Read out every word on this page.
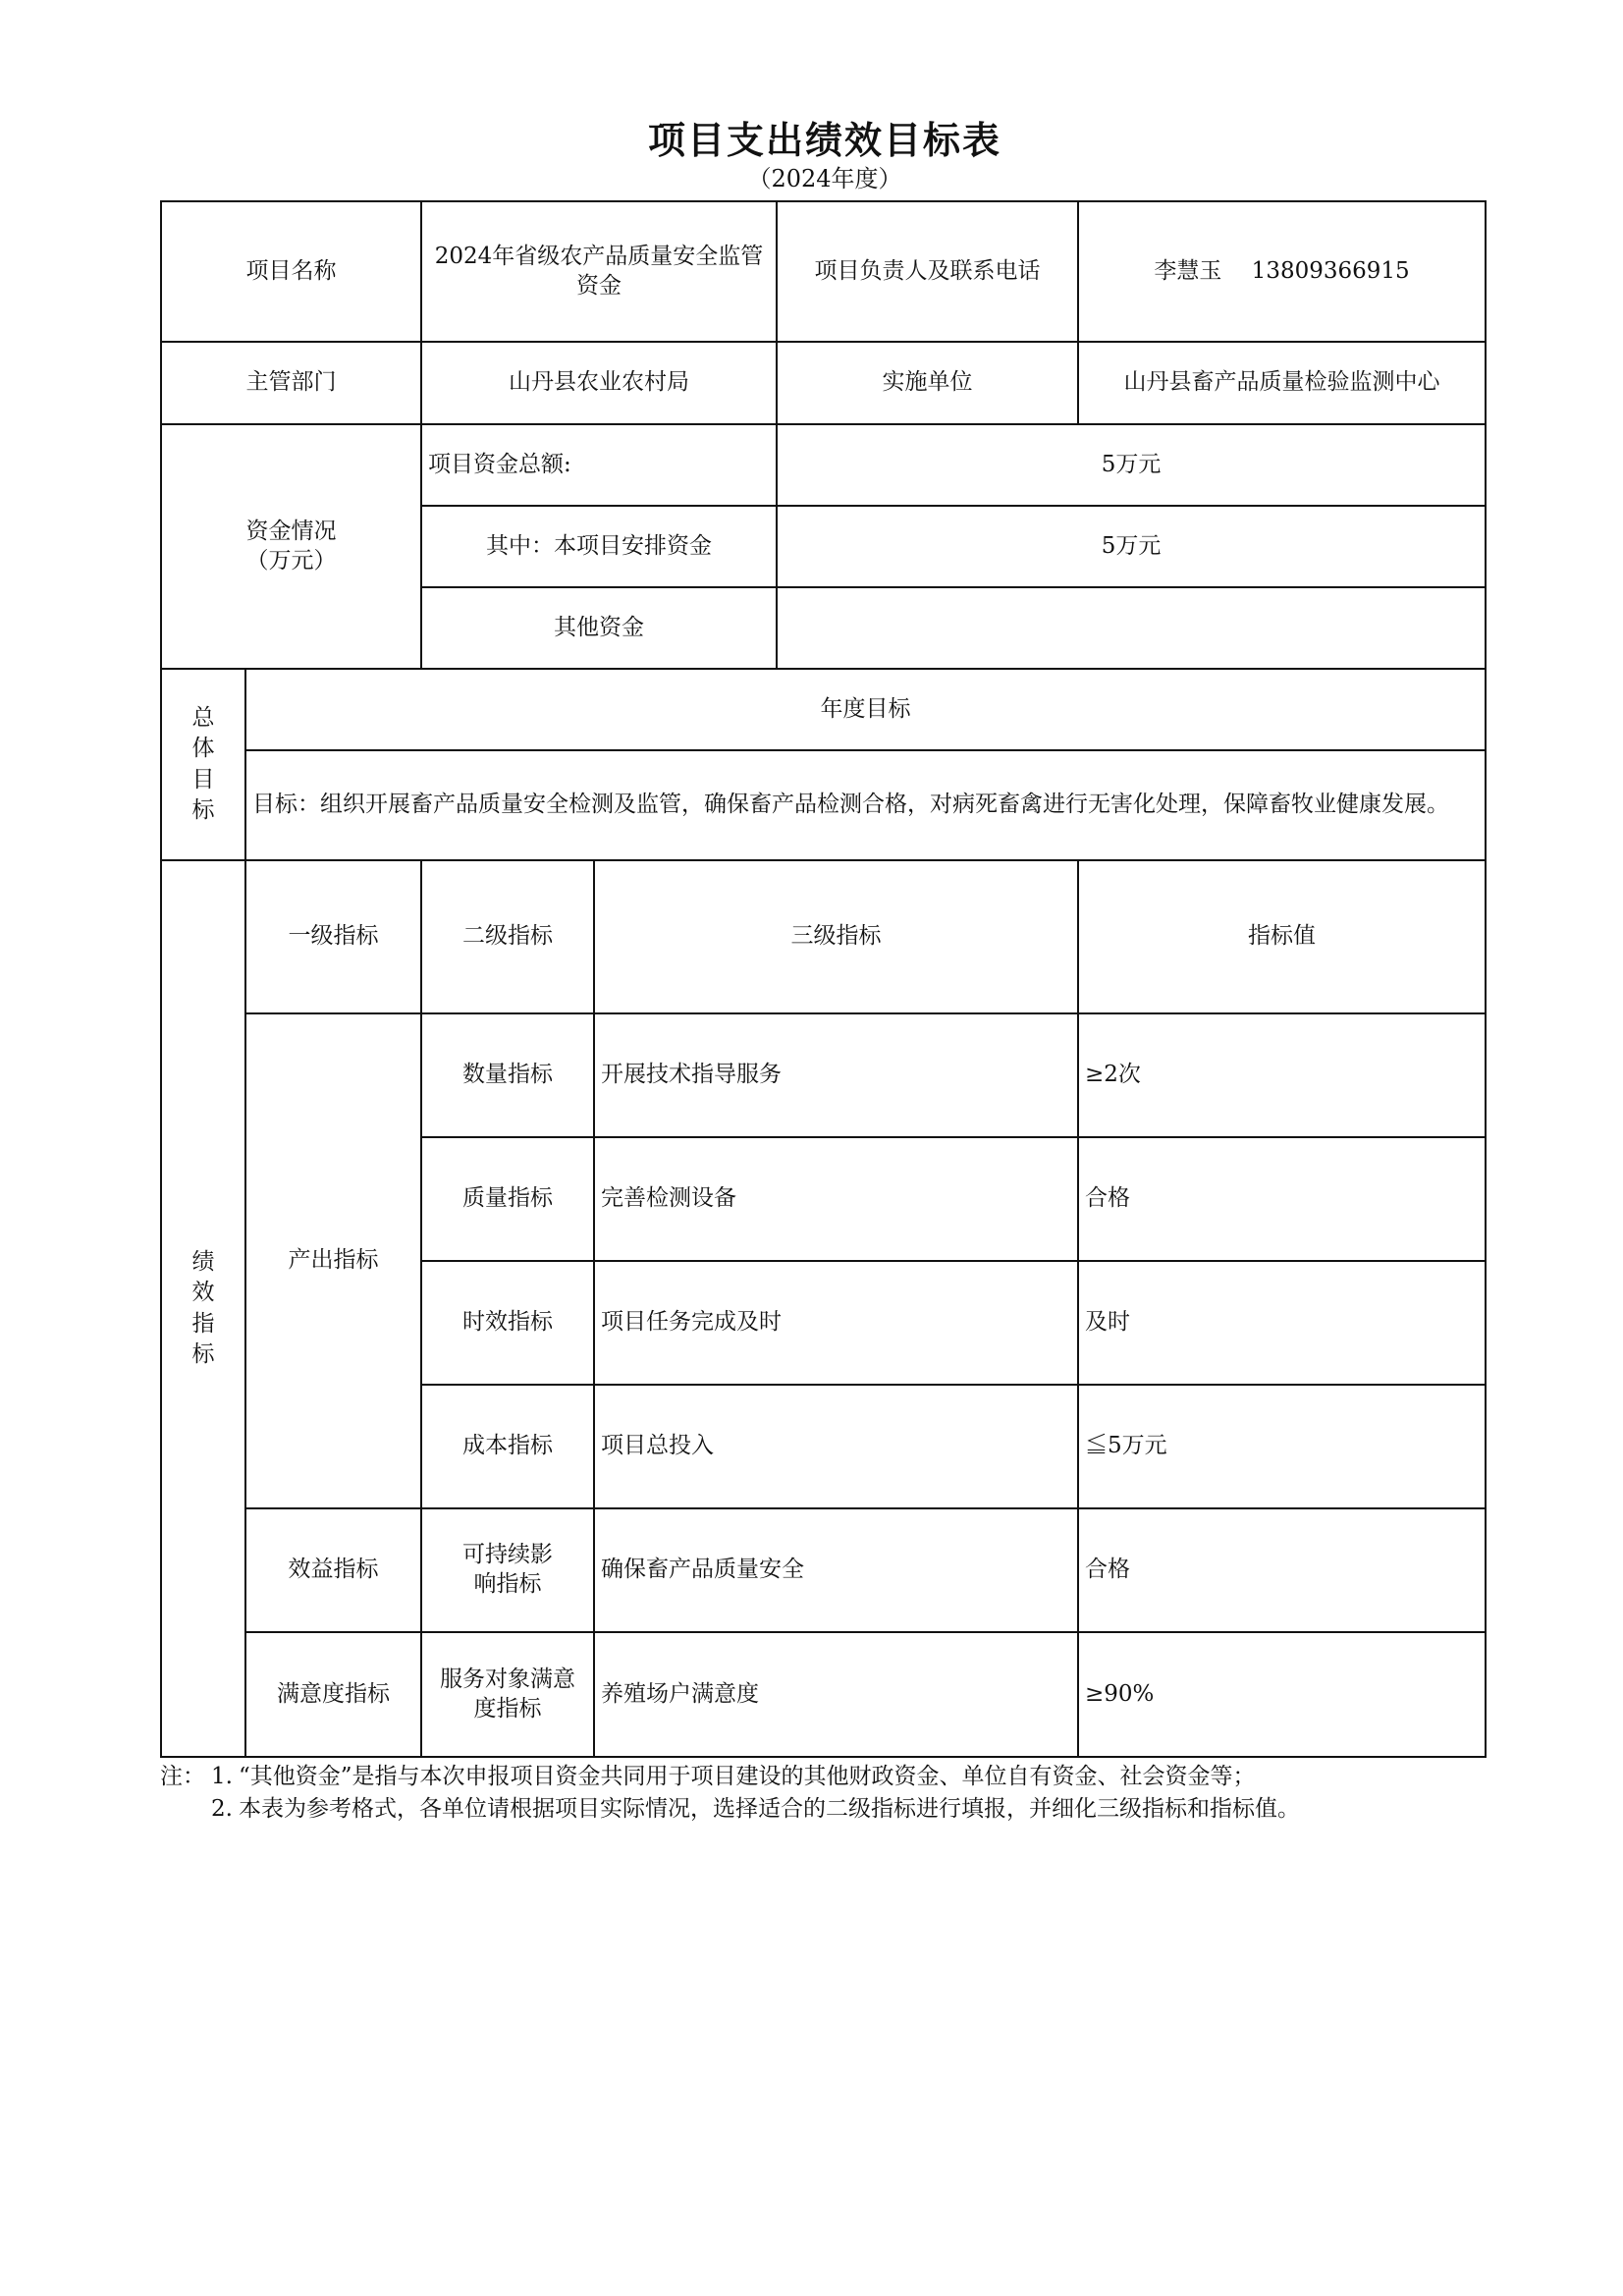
项目支出绩效目标表
（2024年度）
项目名称		2024年省级农产品质量安全监管资金		项目负责人及联系电话	李慧玉　 13809366915
主管部门		山丹县农业农村局		实施单位	山丹县畜产品质量检验监测中心

资金情况（万元）		项目资金总额:		5万元	
		其中：本项目安排资金		5万元	
		其他资金			

总体目标	年度目标				
	目标：组织开展畜产品质量安全检测及监管，确保畜产品检测合格，对病死畜禽进行无害化处理，保障畜牧业健康发展。				

绩效指标	一级指标	二级指标	三级指标		指标值
	产出指标	数量指标	开展技术指导服务		≥2次
		质量指标	完善检测设备		合格
		时效指标	项目任务完成及时		及时
		成本指标	项目总投入		≦5万元
	效益指标	可持续影响指标	确保畜产品质量安全		合格
	满意度指标	服务对象满意度指标	养殖场户满意度		≥90%
注： 1. “其他资金”是指与本次申报项目资金共同用于项目建设的其他财政资金、单位自有资金、社会资金等；
2. 本表为参考格式，各单位请根据项目实际情况，选择适合的二级指标进行填报，并细化三级指标和指标值。
